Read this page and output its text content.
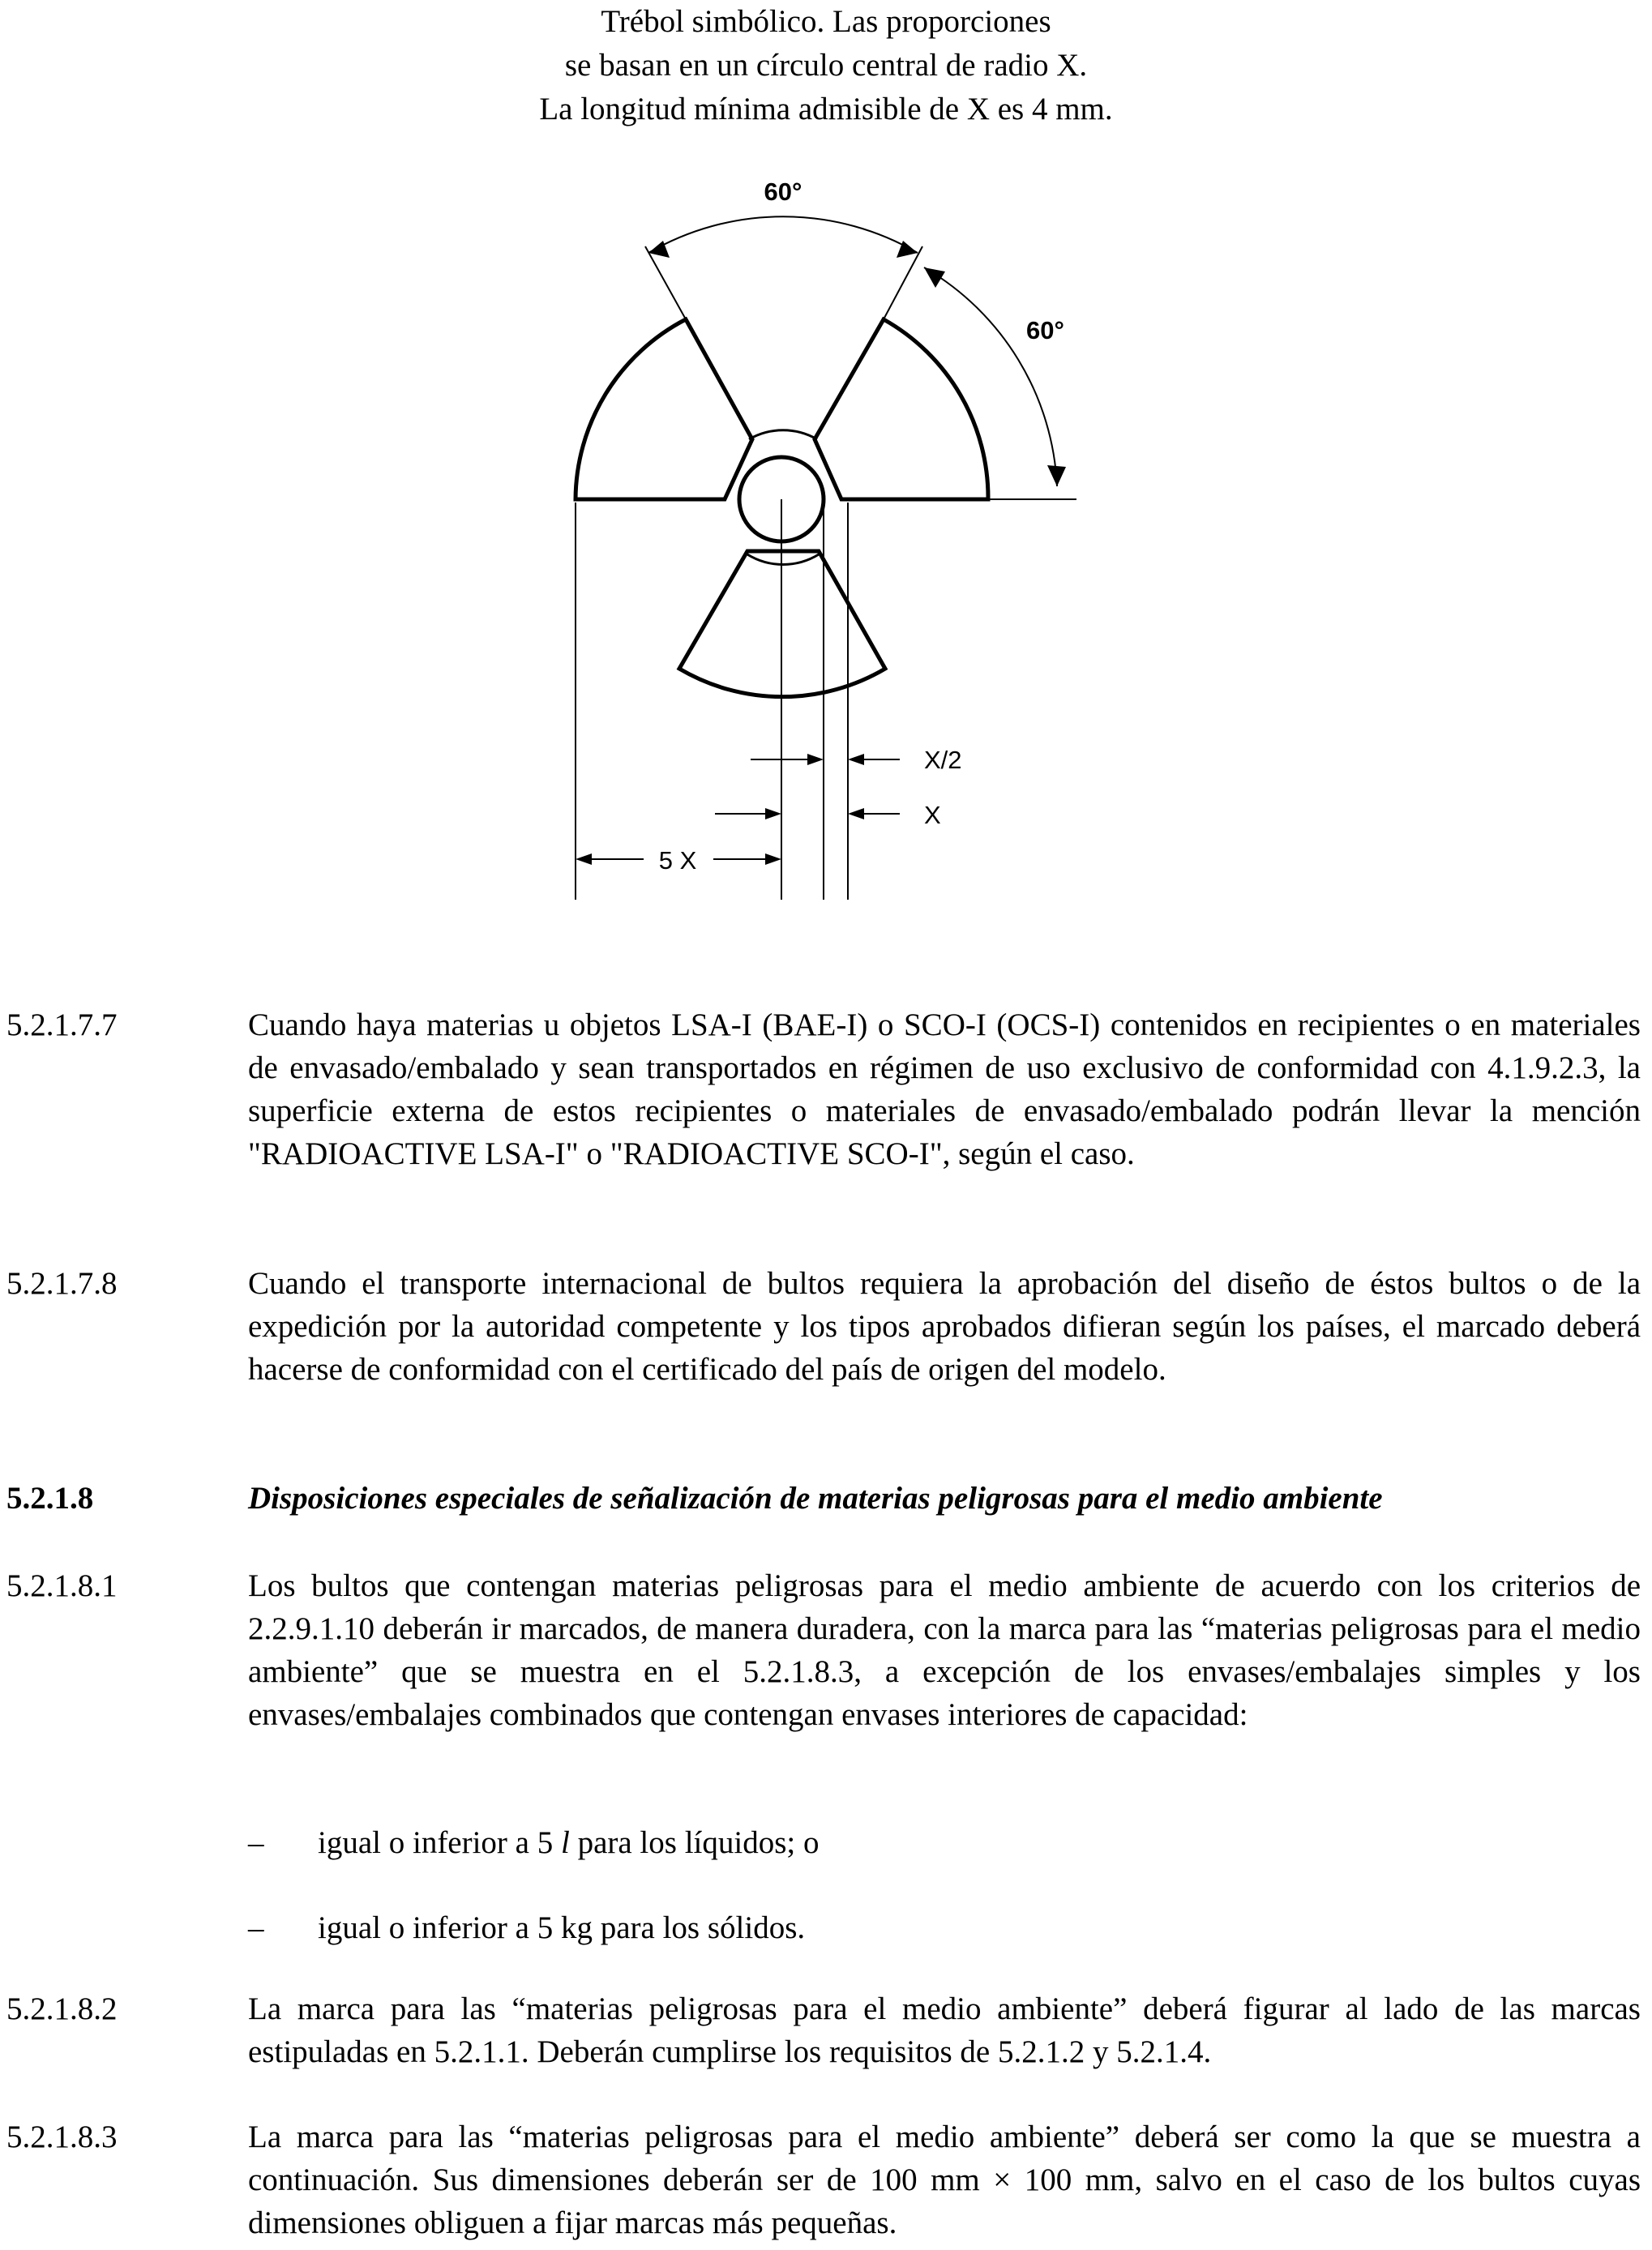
Trébol simbólico. Las proporciones
se basan en un círculo central de radio X.
La longitud mínima admisible de X es 4 mm.
60°
60°
X/2
X
5 X
5.2.1.7.7	Cuando haya materias u objetos LSA-I (BAE-I) o SCO-I (OCS-I) contenidos en recipientes o en materiales de envasado/embalado y sean transportados en régimen de uso exclusivo de conformidad con 4.1.9.2.3, la superficie externa de estos recipientes o materiales de envasado/embalado podrán llevar la mención "RADIOACTIVE LSA-I" o "RADIOACTIVE SCO-I", según el caso.
5.2.1.7.8	Cuando el transporte internacional de bultos requiera la aprobación del diseño de éstos bultos o de la expedición por la autoridad competente y los tipos aprobados difieran según los países, el marcado deberá hacerse de conformidad con el certificado del país de origen del modelo.
5.2.1.8	Disposiciones especiales de señalización de materias peligrosas para el medio ambiente
5.2.1.8.1	Los bultos que contengan materias peligrosas para el medio ambiente de acuerdo con los criterios de 2.2.9.1.10 deberán ir marcados, de manera duradera, con la marca para las “materias peligrosas para el medio ambiente” que se muestra en el 5.2.1.8.3, a excepción de los envases/embalajes simples y los envases/embalajes combinados que contengan envases interiores de capacidad:
– igual o inferior a 5 l para los líquidos; o
– igual o inferior a 5 kg para los sólidos.
5.2.1.8.2	La marca para las “materias peligrosas para el medio ambiente” deberá figurar al lado de las marcas estipuladas en 5.2.1.1. Deberán cumplirse los requisitos de 5.2.1.2 y 5.2.1.4.
5.2.1.8.3	La marca para las “materias peligrosas para el medio ambiente” deberá ser como la que se muestra a continuación. Sus dimensiones deberán ser de 100 mm × 100 mm, salvo en el caso de los bultos cuyas dimensiones obliguen a fijar marcas más pequeñas.
